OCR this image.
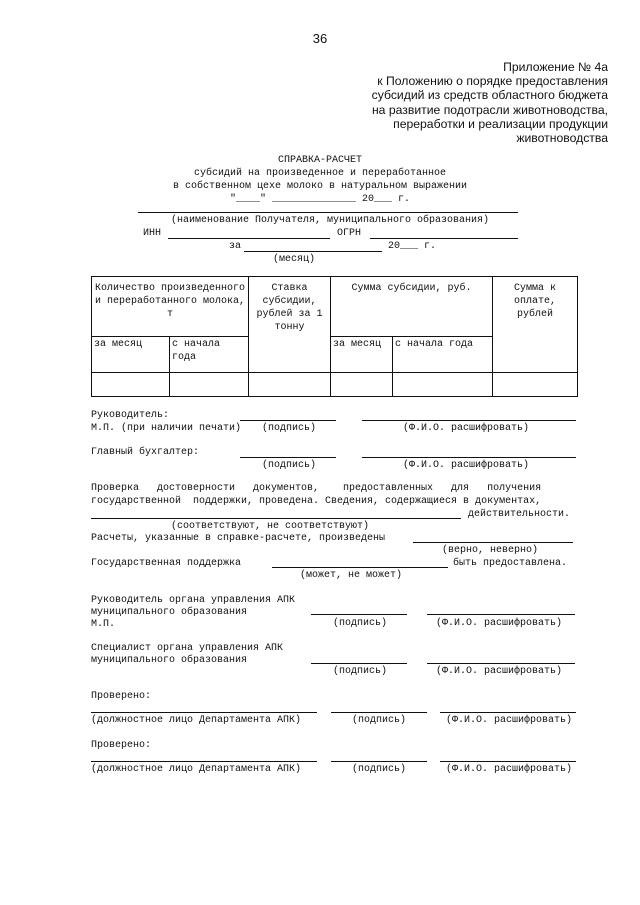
36
Приложение № 4а
к Положению о порядке предоставления
субсидий из средств областного бюджета
на развитие подотрасли животноводства,
переработки и реализации продукции
животноводства
СПРАВКА-РАСЧЕТ
субсидий на произведенное и переработанное
в собственном цехе молоко в натуральном выражении
"____" ______________ 20___ г.
(наименование Получателя, муниципального образования)
ИНН	ОГРН
за	20___ г.
(месяц)
Количество произведенного и переработанного молока, т		Ставка субсидии, рублей за 1 тонну	Сумма субсидии, руб.		Сумма к оплате, рублей
за месяц	с начала года		за месяц	с начала года	

Руководитель:
М.П. (при наличии печати) (подпись)	(Ф.И.О. расшифровать)
Главный бухгалтер:
(подпись)	(Ф.И.О. расшифровать)
Проверка   достоверности   документов,    предоставленных   для   получения
государственной  поддержки, проведена. Сведения, содержащиеся в документах,
действительности.
(соответствуют, не соответствуют)
Расчеты, указанные в справке-расчете, произведены
(верно, неверно)
Государственная поддержка	быть предоставлена.
(может, не может)
Руководитель органа управления АПК
муниципального образования
М.П.	(подпись)	(Ф.И.О. расшифровать)
Специалист органа управления АПК
муниципального образования
(подпись)	(Ф.И.О. расшифровать)
Проверено:
(должностное лицо Департамента АПК)	(подпись)	(Ф.И.О. расшифровать)
Проверено:
(должностное лицо Департамента АПК)	(подпись)	(Ф.И.О. расшифровать)
